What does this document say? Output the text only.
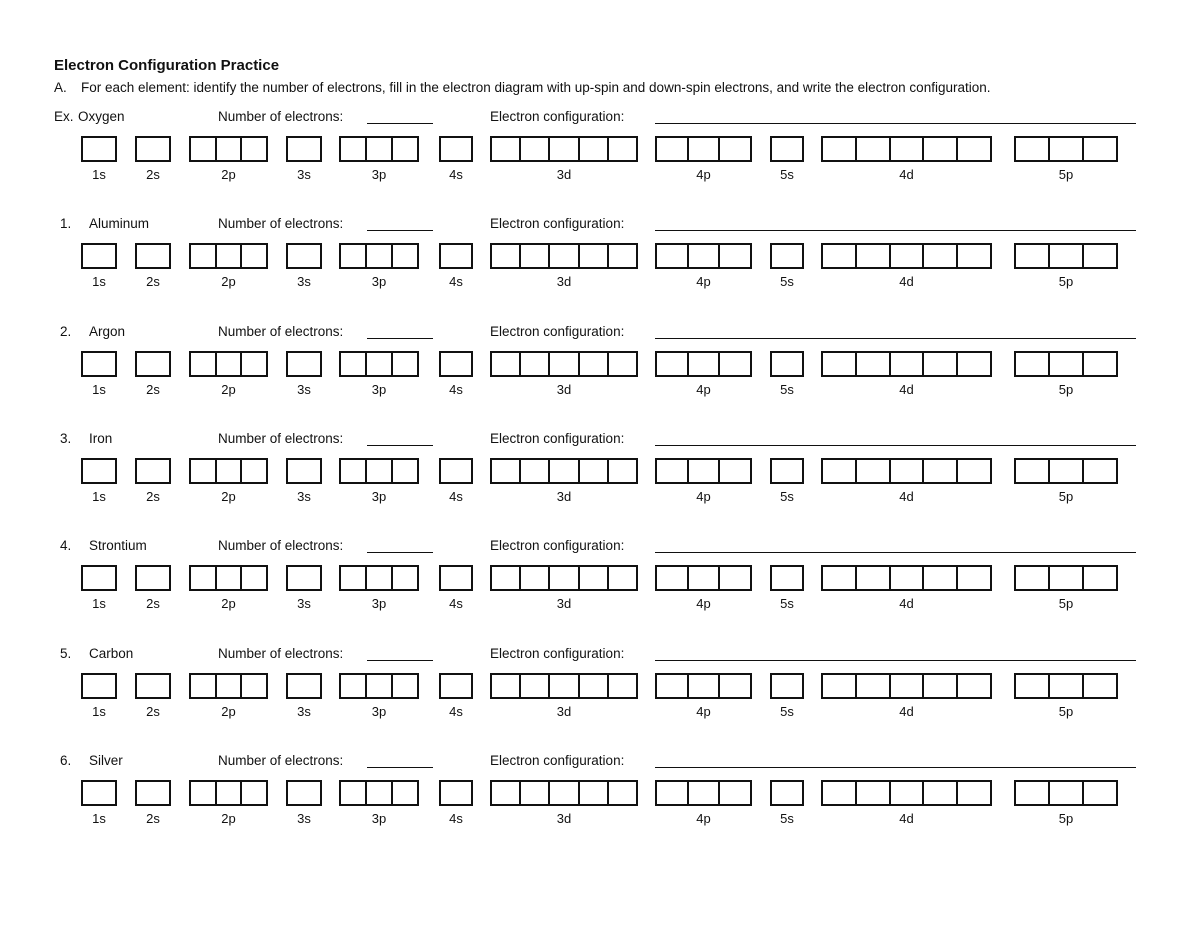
Electron Configuration Practice
A. For each element: identify the number of electrons, fill in the electron diagram with up-spin and down-spin electrons, and write the electron configuration.
Ex. Oxygen	Number of electrons:	Electron configuration:
1s	2s	2p	3s	3p	4s	3d	4p	5s	4d	5p
1. Aluminum	Number of electrons:	Electron configuration:
1s	2s	2p	3s	3p	4s	3d	4p	5s	4d	5p
2. Argon	Number of electrons:	Electron configuration:
1s	2s	2p	3s	3p	4s	3d	4p	5s	4d	5p
3. Iron	Number of electrons:	Electron configuration:
1s	2s	2p	3s	3p	4s	3d	4p	5s	4d	5p
4. Strontium	Number of electrons:	Electron configuration:
1s	2s	2p	3s	3p	4s	3d	4p	5s	4d	5p
5. Carbon	Number of electrons:	Electron configuration:
1s	2s	2p	3s	3p	4s	3d	4p	5s	4d	5p
6. Silver	Number of electrons:	Electron configuration:
1s	2s	2p	3s	3p	4s	3d	4p	5s	4d	5p
